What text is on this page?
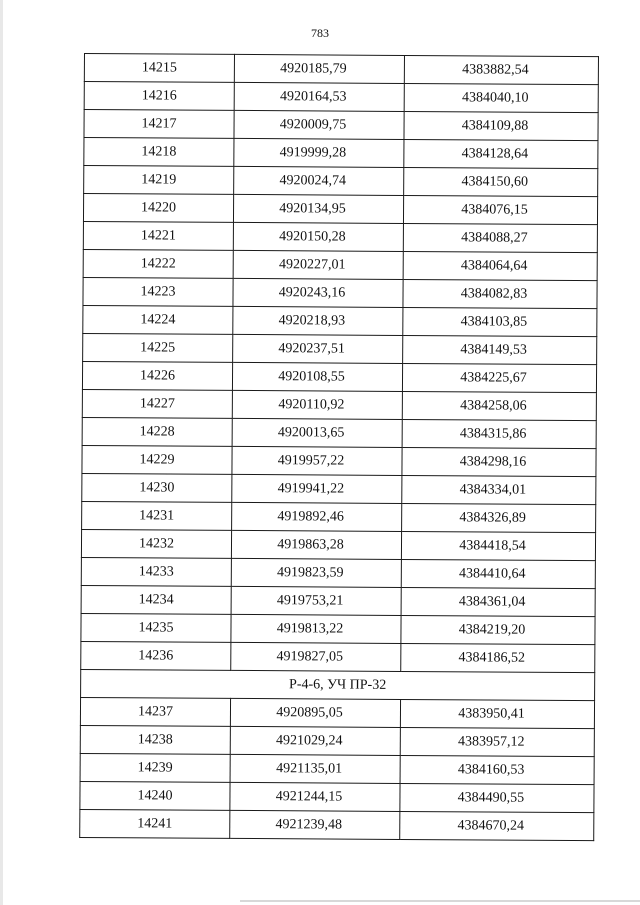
783
14215	4920185,79	4383882,54
14216	4920164,53	4384040,10
14217	4920009,75	4384109,88
14218	4919999,28	4384128,64
14219	4920024,74	4384150,60
14220	4920134,95	4384076,15
14221	4920150,28	4384088,27
14222	4920227,01	4384064,64
14223	4920243,16	4384082,83
14224	4920218,93	4384103,85
14225	4920237,51	4384149,53
14226	4920108,55	4384225,67
14227	4920110,92	4384258,06
14228	4920013,65	4384315,86
14229	4919957,22	4384298,16
14230	4919941,22	4384334,01
14231	4919892,46	4384326,89
14232	4919863,28	4384418,54
14233	4919823,59	4384410,64
14234	4919753,21	4384361,04
14235	4919813,22	4384219,20
14236	4919827,05	4384186,52
Р-4-6, УЧ ПР-32		
14237	4920895,05	4383950,41
14238	4921029,24	4383957,12
14239	4921135,01	4384160,53
14240	4921244,15	4384490,55
14241	4921239,48	4384670,24
